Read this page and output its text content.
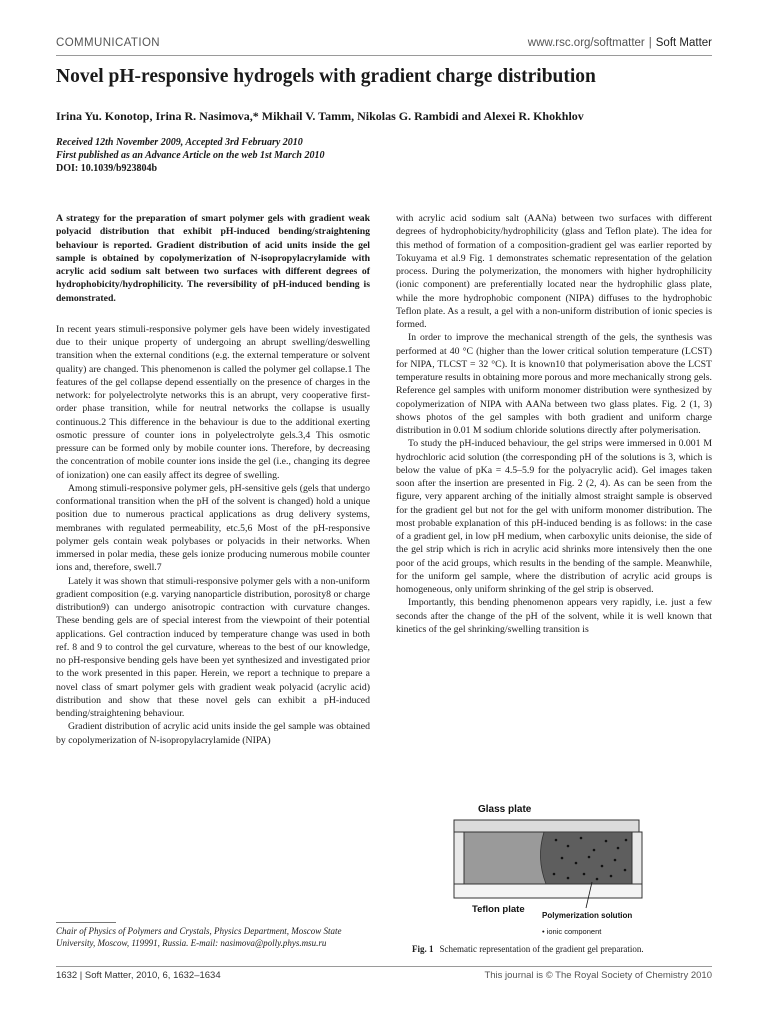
COMMUNICATION	www.rsc.org/softmatter | Soft Matter
Novel pH-responsive hydrogels with gradient charge distribution
Irina Yu. Konotop, Irina R. Nasimova,* Mikhail V. Tamm, Nikolas G. Rambidi and Alexei R. Khokhlov
Received 12th November 2009, Accepted 3rd February 2010
First published as an Advance Article on the web 1st March 2010
DOI: 10.1039/b923804b

A strategy for the preparation of smart polymer gels with gradient weak polyacid distribution that exhibit pH-induced bending/straightening behaviour is reported. Gradient distribution of acid units inside the gel sample is obtained by copolymerization of N-isopropylacrylamide with acrylic acid sodium salt between two surfaces with different degrees of hydrophobicity/hydrophilicity. The reversibility of pH-induced bending is demonstrated.

In recent years stimuli-responsive polymer gels have been widely investigated due to their unique property of undergoing an abrupt swelling/deswelling transition when the external conditions (e.g. the external temperature or solvent quality) are changed. This phenomenon is called the polymer gel collapse.1 The features of the gel collapse depend essentially on the presence of charges in the network: for polyelectrolyte networks this is an abrupt, very cooperative first-order phase transition, while for neutral networks the collapse is usually continuous.2 This difference in the behaviour is due to the additional exerting osmotic pressure of counter ions in polyelectrolyte gels.3,4 This osmotic pressure can be formed only by mobile counter ions. Therefore, by decreasing the concentration of mobile counter ions inside the gel (i.e., changing its degree of ionization) one can easily affect its degree of swelling.

Among stimuli-responsive polymer gels, pH-sensitive gels (gels that undergo conformational transition when the pH of the solvent is changed) hold a unique position due to numerous practical applications as drug delivery systems, membranes with regulated permeability, etc.5,6 Most of the pH-responsive polymer gels contain weak polybases or polyacids in their networks. When immersed in polar media, these gels ionize producing numerous mobile counter ions and, therefore, swell.7

Lately it was shown that stimuli-responsive polymer gels with a non-uniform gradient composition (e.g. varying nanoparticle distribution, porosity8 or charge distribution9) can undergo anisotropic contraction with curvature changes. These bending gels are of special interest from the viewpoint of their potential applications. Gel contraction induced by temperature change was used in both ref. 8 and 9 to control the gel curvature, whereas to the best of our knowledge, no pH-responsive bending gels have been yet synthesized and investigated prior to the work presented in this paper. Herein, we report a technique to prepare a novel class of smart polymer gels with gradient weak polyacid (acrylic acid) distribution and show that these novel gels can exhibit a pH-induced bending/straightening behaviour.

Gradient distribution of acrylic acid units inside the gel sample was obtained by copolymerization of N-isopropylacrylamide (NIPA)

with acrylic acid sodium salt (AANa) between two surfaces with different degrees of hydrophobicity/hydrophilicity (glass and Teflon plate). The idea for this method of formation of a composition-gradient gel was earlier reported by Tokuyama et al.9 Fig. 1 demonstrates schematic representation of the gelation process. During the polymerization, the monomers with higher hydrophilicity (ionic component) are preferentially located near the hydrophilic glass plate, while the more hydrophobic component (NIPA) diffuses to the hydrophobic Teflon plate. As a result, a gel with a non-uniform distribution of ionic species is formed.

In order to improve the mechanical strength of the gels, the synthesis was performed at 40 °C (higher than the lower critical solution temperature (LCST) for NIPA, TLCST = 32 °C). It is known10 that polymerisation above the LCST temperature results in obtaining more porous and more mechanically strong gels. Reference gel samples with uniform monomer distribution were synthesized by copolymerization of NIPA with AANa between two glass plates. Fig. 2 (1, 3) shows photos of the gel samples with both gradient and uniform charge distribution in 0.01 M sodium chloride solutions directly after polymerisation.

To study the pH-induced behaviour, the gel strips were immersed in 0.001 M hydrochloric acid solution (the corresponding pH of the solutions is 3, which is below the value of pKa = 4.5–5.9 for the polyacrylic acid). Gel images taken soon after the insertion are presented in Fig. 2 (2, 4). As can be seen from the figure, very apparent arching of the initially almost straight sample is observed for the gradient gel but not for the gel with uniform monomer distribution. The most probable explanation of this pH-induced bending is as follows: in the case of a gradient gel, in low pH medium, when carboxylic units deionise, the side of the gel strip which is rich in acrylic acid shrinks more intensively then the one poor of the acid groups, which results in the bending of the sample. Meanwhile, for the uniform gel sample, where the distribution of acrylic acid groups is homogeneous, only uniform shrinking of the gel strip is observed.

Importantly, this bending phenomenon appears very rapidly, i.e. just a few seconds after the change of the pH of the solvent, while it is well known that kinetics of the gel shrinking/swelling transition is

Glass plate
Teflon plate
Polymerization solution
• ionic component
Fig. 1 Schematic representation of the gradient gel preparation.
Chair of Physics of Polymers and Crystals, Physics Department, Moscow State University, Moscow, 119991, Russia. E-mail: nasimova@polly.phys.msu.ru
1632 | Soft Matter, 2010, 6, 1632–1634	This journal is © The Royal Society of Chemistry 2010
